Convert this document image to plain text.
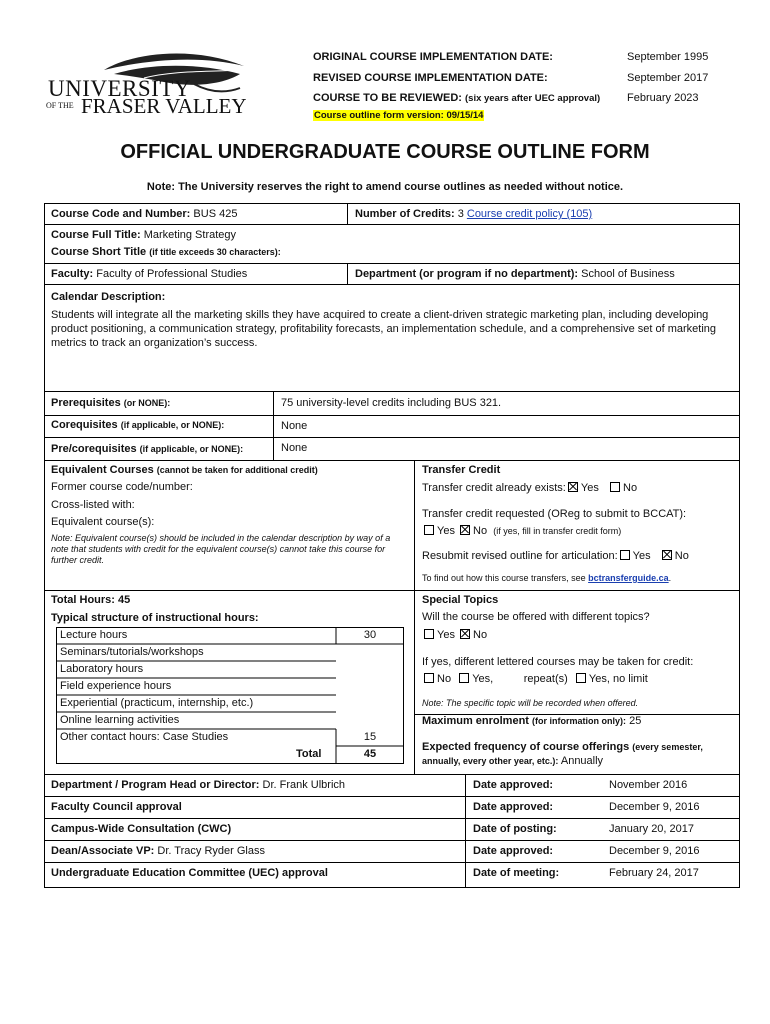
UNIVERSITY
OF THE FRASER VALLEY
ORIGINAL COURSE IMPLEMENTATION DATE:	September 1995
REVISED COURSE IMPLEMENTATION DATE:	September 2017
COURSE TO BE REVIEWED: (six years after UEC approval) February 2023
Course outline form version: 09/15/14
OFFICIAL UNDERGRADUATE COURSE OUTLINE FORM
Note: The University reserves the right to amend course outlines as needed without notice.
Course Code and Number: BUS 425	Number of Credits: 3 Course credit policy (105)
Course Full Title: Marketing Strategy
Course Short Title (if title exceeds 30 characters):
Faculty: Faculty of Professional Studies	Department (or program if no department): School of Business
Calendar Description:
Students will integrate all the marketing skills they have acquired to create a client-driven strategic marketing plan, including developing product positioning, a communication strategy, profitability forecasts, an implementation schedule, and a comprehensive set of marketing metrics to track an organization’s success.
Prerequisites (or NONE):	75 university-level credits including BUS 321.
Corequisites (if applicable, or NONE):	None
Pre/corequisites (if applicable, or NONE):	None
Equivalent Courses (cannot be taken for additional credit)
Former course code/number:
Cross-listed with:
Equivalent course(s):
Note: Equivalent course(s) should be included in the calendar description by way of a note that students with credit for the equivalent course(s) cannot take this course for further credit.
Transfer Credit
Transfer credit already exists: Yes No
Transfer credit requested (OReg to submit to BCCAT):
Yes No (if yes, fill in transfer credit form)
Resubmit revised outline for articulation: Yes No
To find out how this course transfers, see bctransferguide.ca.
Total Hours: 45
Typical structure of instructional hours:
Special Topics
Will the course be offered with different topics?
Yes No
If yes, different lettered courses may be taken for credit:
No Yes,	repeat(s) Yes, no limit
Note: The specific topic will be recorded when offered.
Maximum enrolment (for information only): 25
Expected frequency of course offerings (every semester,
annually, every other year, etc.): Annually
Department / Program Head or Director: Dr. Frank Ulbrich	Date approved:	November 2016
Faculty Council approval	Date approved:	December 9, 2016
Campus-Wide Consultation (CWC)	Date of posting:	January 20, 2017
Dean/Associate VP: Dr. Tracy Ryder Glass	Date approved:	December 9, 2016
Undergraduate Education Committee (UEC) approval	Date of meeting:	February 24, 2017
Lecture hours	30
Seminars/tutorials/workshops
Laboratory hours
Field experience hours
Experiential (practicum, internship, etc.)
Online learning activities
Other contact hours: Case Studies	15
Total	45
